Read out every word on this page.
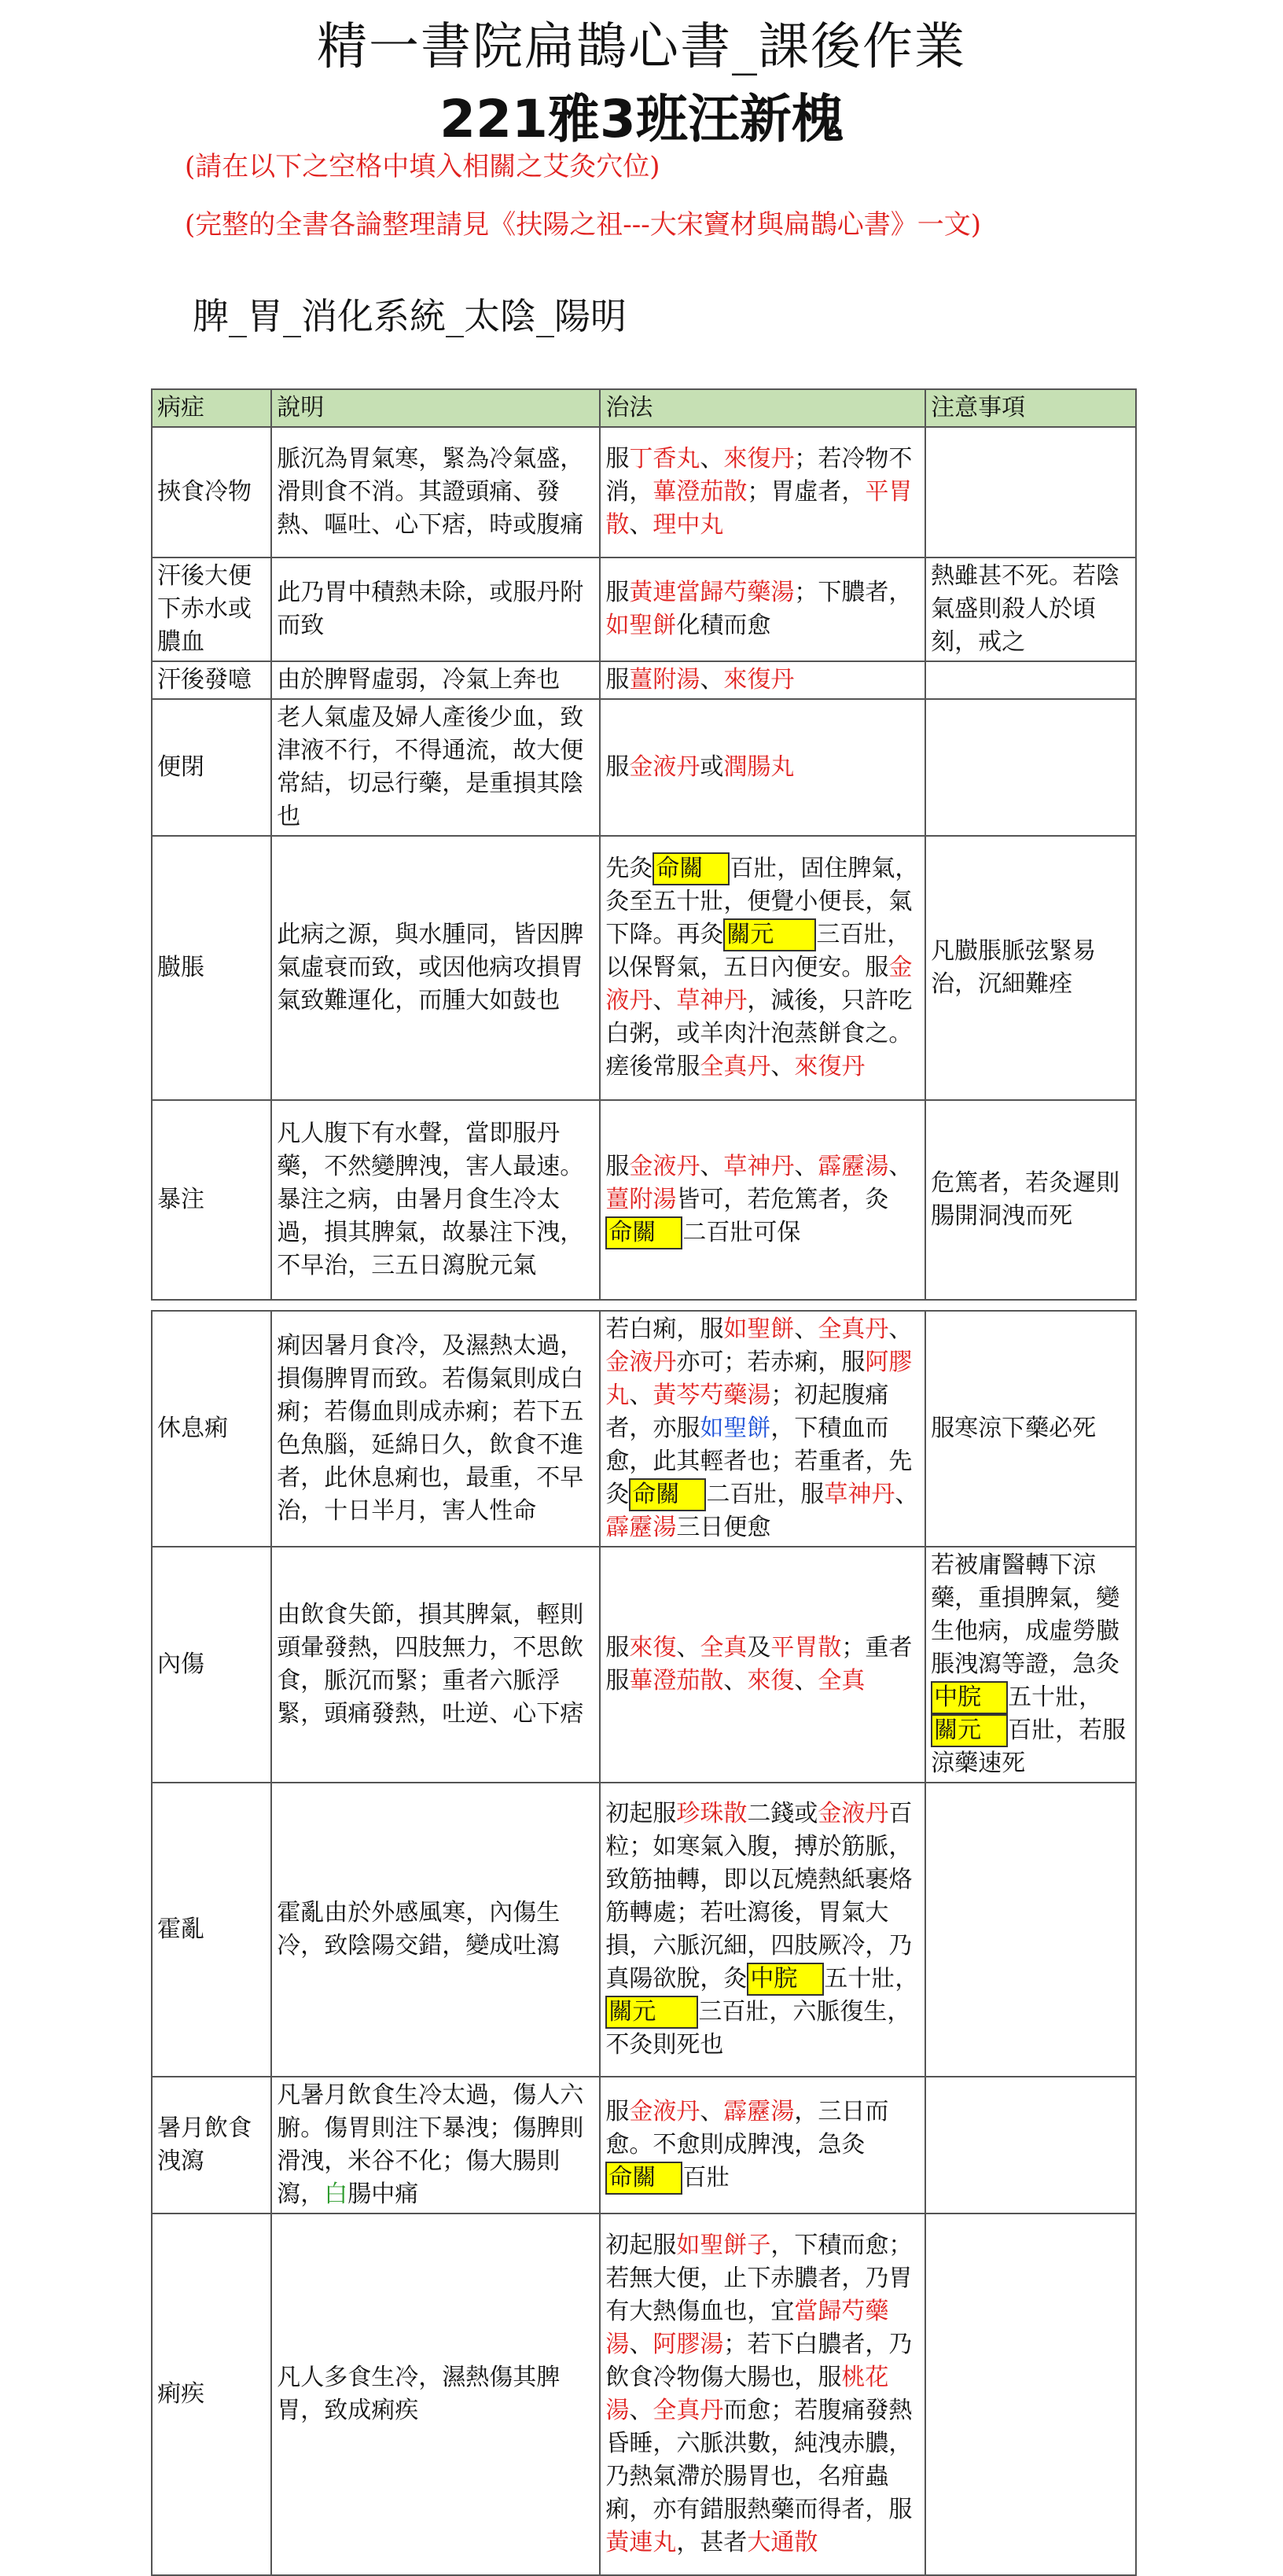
精一書院扁鵲心書_課後作業
221雅3班汪新槐
(請在以下之空格中填入相關之艾灸穴位)
(完整的全書各論整理請見《扶陽之祖---大宋竇材與扁鵲心書》一文)
脾_胃_消化系統_太陰_陽明
病症	說明	治法	注意事項
挾食冷物	脈沉為胃氣寒，緊為冷氣盛，滑則食不消。其證頭痛、發熱、嘔吐、心下痞，時或腹痛	服丁香丸、來復丹；若冷物不消，蓽澄茄散；胃虛者，平胃散、理中丸	
汗後大便下赤水或膿血	此乃胃中積熱未除，或服丹附而致	服黃連當歸芍藥湯；下膿者，如聖餅化積而愈	熱雖甚不死。若陰氣盛則殺人於頃刻，戒之
汗後發噫	由於脾腎虛弱，冷氣上奔也	服薑附湯、來復丹	
便閉	老人氣虛及婦人產後少血，致津液不行，不得通流，故大便常結，切忌行藥，是重損其陰也	服金液丹或潤腸丸	
臌脹	此病之源，與水腫同，皆因脾氣虛衰而致，或因他病攻損胃氣致難運化，而腫大如鼓也	先灸 命關 百壯，固住脾氣，灸至五十壯，便覺小便長，氣下降。再灸 關元 三百壯，以保腎氣，五日內便安。服金液丹、草神丹，減後，只許吃白粥，或羊肉汁泡蒸餅食之。瘥後常服全真丹、來復丹	凡臌脹脈弦緊易治，沉細難痊
暴注	凡人腹下有水聲，當即服丹藥，不然變脾洩，害人最速。暴注之病，由暑月食生冷太過，損其脾氣，故暴注下洩，不早治，三五日瀉脫元氣	服金液丹、草神丹、霹靂湯、薑附湯皆可，若危篤者，灸命關 二百壯可保	危篤者，若灸遲則腸開洞洩而死
休息痢	痢因暑月食冷，及濕熱太過，損傷脾胃而致。若傷氣則成白痢；若傷血則成赤痢；若下五色魚腦，延綿日久，飲食不進者，此休息痢也，最重，不早治，十日半月，害人性命	若白痢，服如聖餅、全真丹、金液丹亦可；若赤痢，服阿膠丸、黃芩芍藥湯；初起腹痛者，亦服如聖餅，下積血而愈，此其輕者也；若重者，先灸 命關 二百壯，服草神丹、霹靂湯三日便愈	服寒涼下藥必死
內傷	由飲食失節，損其脾氣，輕則頭暈發熱，四肢無力，不思飲食，脈沉而緊；重者六脈浮緊，頭痛發熱，吐逆、心下痞	服來復、全真及平胃散；重者服蓽澄茄散、來復、全真	若被庸醫轉下涼藥，重損脾氣，變生他病，成虛勞臌脹洩瀉等證，急灸中脘 五十壯，關元 百壯，若服涼藥速死
霍亂	霍亂由於外感風寒，內傷生冷，致陰陽交錯，變成吐瀉	初起服珍珠散二錢或金液丹百粒；如寒氣入腹，搏於筋脈，致筋抽轉，即以瓦燒熱紙裹烙筋轉處；若吐瀉後，胃氣大損，六脈沉細，四肢厥冷，乃真陽欲脫，灸 中脘 五十壯，關元 三百壯，六脈復生，不灸則死也	
暑月飲食洩瀉	凡暑月飲食生冷太過，傷人六腑。傷胃則注下暴洩；傷脾則滑洩，米谷不化；傷大腸則瀉，白腸中痛	服金液丹、霹靂湯，三日而愈。不愈則成脾洩，急灸命關 百壯	
痢疾	凡人多食生冷，濕熱傷其脾胃，致成痢疾	初起服如聖餅子，下積而愈；若無大便，止下赤膿者，乃胃有大熱傷血也，宜當歸芍藥湯、阿膠湯；若下白膿者，乃飲食冷物傷大腸也，服桃花湯、全真丹而愈；若腹痛發熱昏睡，六脈洪數，純洩赤膿，乃熱氣滯於腸胃也，名疳蟲痢，亦有錯服熱藥而得者，服黃連丸，甚者大通散	
